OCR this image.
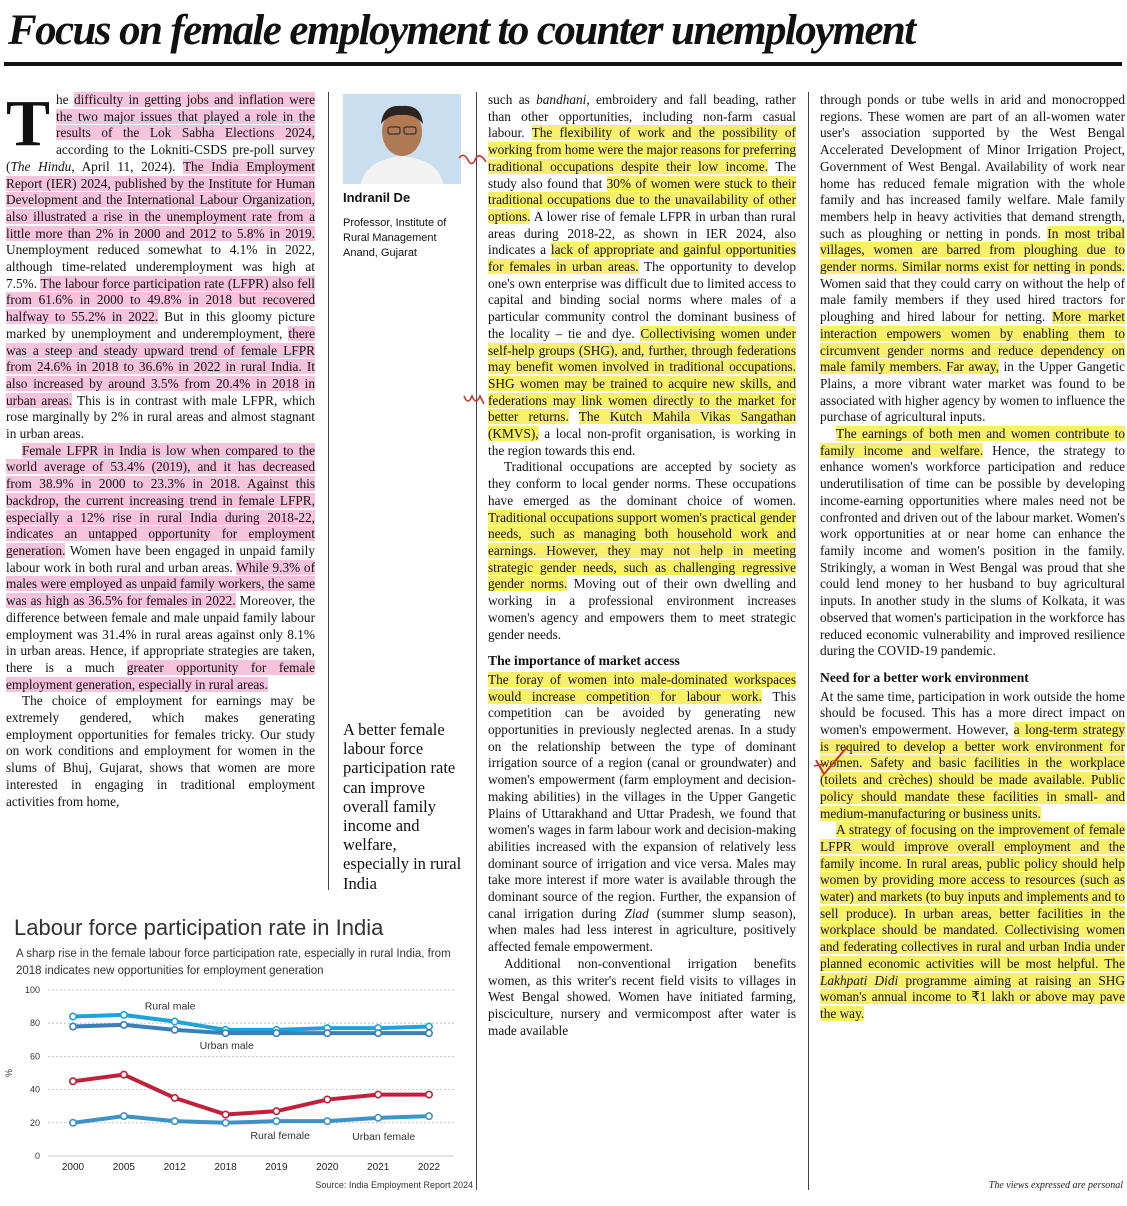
Focus on female employment to counter unemployment
T he difficulty in getting jobs and inflation were the two major issues that played a role in the results of the Lok Sabha Elections 2024, according to the Lokniti-CSDS pre-poll survey (The Hindu, April 11, 2024). The India Employment Report (IER) 2024, published by the Institute for Human Development and the International Labour Organization, also illustrated a rise in the unemployment rate from a little more than 2% in 2000 and 2012 to 5.8% in 2019. Unemployment reduced somewhat to 4.1% in 2022, although time-related underemployment was high at 7.5%. The labour force participation rate (LFPR) also fell from 61.6% in 2000 to 49.8% in 2018 but recovered halfway to 55.2% in 2022. But in this gloomy picture marked by unemployment and underemployment, there was a steep and steady upward trend of female LFPR from 24.6% in 2018 to 36.6% in 2022 in rural India. It also increased by around 3.5% from 20.4% in 2018 in urban areas. This is in contrast with male LFPR, which rose marginally by 2% in rural areas and almost stagnant in urban areas.

Female LFPR in India is low when compared to the world average of 53.4% (2019), and it has decreased from 38.9% in 2000 to 23.3% in 2018. Against this backdrop, the current increasing trend in female LFPR, especially a 12% rise in rural India during 2018-22, indicates an untapped opportunity for employment generation. Women have been engaged in unpaid family labour work in both rural and urban areas. While 9.3% of males were employed as unpaid family workers, the same was as high as 36.5% for females in 2022. Moreover, the difference between female and male unpaid family labour employment was 31.4% in rural areas against only 8.1% in urban areas. Hence, if appropriate strategies are taken, there is a much greater opportunity for female employment generation, especially in rural areas.

The choice of employment for earnings may be extremely gendered, which makes generating employment opportunities for females tricky. Our study on work conditions and employment for women in the slums of Bhuj, Gujarat, shows that women are more interested in engaging in traditional employment activities from home,

Indranil De
Professor, Institute of Rural Management Anand, Gujarat
A better female labour force participation rate can improve overall family income and welfare, especially in rural India

such as bandhani, embroidery and fall beading, rather than other opportunities, including non-farm casual labour. The flexibility of work and the possibility of working from home were the major reasons for preferring traditional occupations despite their low income. The study also found that 30% of women were stuck to their traditional occupations due to the unavailability of other options. A lower rise of female LFPR in urban than rural areas during 2018-22, as shown in IER 2024, also indicates a lack of appropriate and gainful opportunities for females in urban areas. The opportunity to develop one's own enterprise was difficult due to limited access to capital and binding social norms where males of a particular community control the dominant business of the locality – tie and dye. Collectivising women under self-help groups (SHG), and, further, through federations may benefit women involved in traditional occupations. SHG women may be trained to acquire new skills, and federations may link women directly to the market for better returns. The Kutch Mahila Vikas Sangathan (KMVS), a local non-profit organisation, is working in the region towards this end.

Traditional occupations are accepted by society as they conform to local gender norms. These occupations have emerged as the dominant choice of women. Traditional occupations support women's practical gender needs, such as managing both household work and earnings. However, they may not help in meeting strategic gender needs, such as challenging regressive gender norms. Moving out of their own dwelling and working in a professional environment increases women's agency and empowers them to meet strategic gender needs.

The importance of market access

The foray of women into male-dominated workspaces would increase competition for labour work. This competition can be avoided by generating new opportunities in previously neglected arenas. In a study on the relationship between the type of dominant irrigation source of a region (canal or groundwater) and women's empowerment (farm employment and decision-making abilities) in the villages in the Upper Gangetic Plains of Uttarakhand and Uttar Pradesh, we found that women's wages in farm labour work and decision-making abilities increased with the expansion of relatively less dominant source of irrigation and vice versa. Males may take more interest if more water is available through the dominant source of the region. Further, the expansion of canal irrigation during Ziad (summer slump season), when males had less interest in agriculture, positively affected female empowerment.

Additional non-conventional irrigation benefits women, as this writer's recent field visits to villages in West Bengal showed. Women have initiated farming, pisciculture, nursery and vermicompost after water is made available

through ponds or tube wells in arid and monocropped regions. These women are part of an all-women water user's association supported by the West Bengal Accelerated Development of Minor Irrigation Project, Government of West Bengal. Availability of work near home has reduced female migration with the whole family and has increased family welfare. Male family members help in heavy activities that demand strength, such as ploughing or netting in ponds. In most tribal villages, women are barred from ploughing due to gender norms. Similar norms exist for netting in ponds. Women said that they could carry on without the help of male family members if they used hired tractors for ploughing and hired labour for netting. More market interaction empowers women by enabling them to circumvent gender norms and reduce dependency on male family members. Far away, in the Upper Gangetic Plains, a more vibrant water market was found to be associated with higher agency by women to influence the purchase of agricultural inputs.

The earnings of both men and women contribute to family income and welfare. Hence, the strategy to enhance women's workforce participation and reduce underutilisation of time can be possible by developing income-earning opportunities where males need not be confronted and driven out of the labour market. Women's work opportunities at or near home can enhance the family income and women's position in the family. Strikingly, a woman in West Bengal was proud that she could lend money to her husband to buy agricultural inputs. In another study in the slums of Kolkata, it was observed that women's participation in the workforce has reduced economic vulnerability and improved resilience during the COVID-19 pandemic.

Need for a better work environment

At the same time, participation in work outside the home should be focused. This has a more direct impact on women's empowerment. However, a long-term strategy is required to develop a better work environment for women. Safety and basic facilities in the workplace (toilets and crèches) should be made available. Public policy should mandate these facilities in small- and medium-manufacturing or business units.

A strategy of focusing on the improvement of female LFPR would improve overall employment and the family income. In rural areas, public policy should help women by providing more access to resources (such as water) and markets (to buy inputs and implements and to sell produce). In urban areas, better facilities in the workplace should be mandated. Collectivising women and federating collectives in rural and urban India under planned economic activities will be most helpful. The Lakhpati Didi programme aiming at raising an SHG woman's annual income to ₹1 lakh or above may pave the way.

The views expressed are personal
Labour force participation rate in India
A sharp rise in the female labour force participation rate, especially in rural India, from 2018 indicates new opportunities for employment generation
0
20
40
60
80
100
%
2000	2005	2012	2018	2019	2020	2021	2022
Rural male
Urban male
Rural female	Urban female
Source: India Employment Report 2024
